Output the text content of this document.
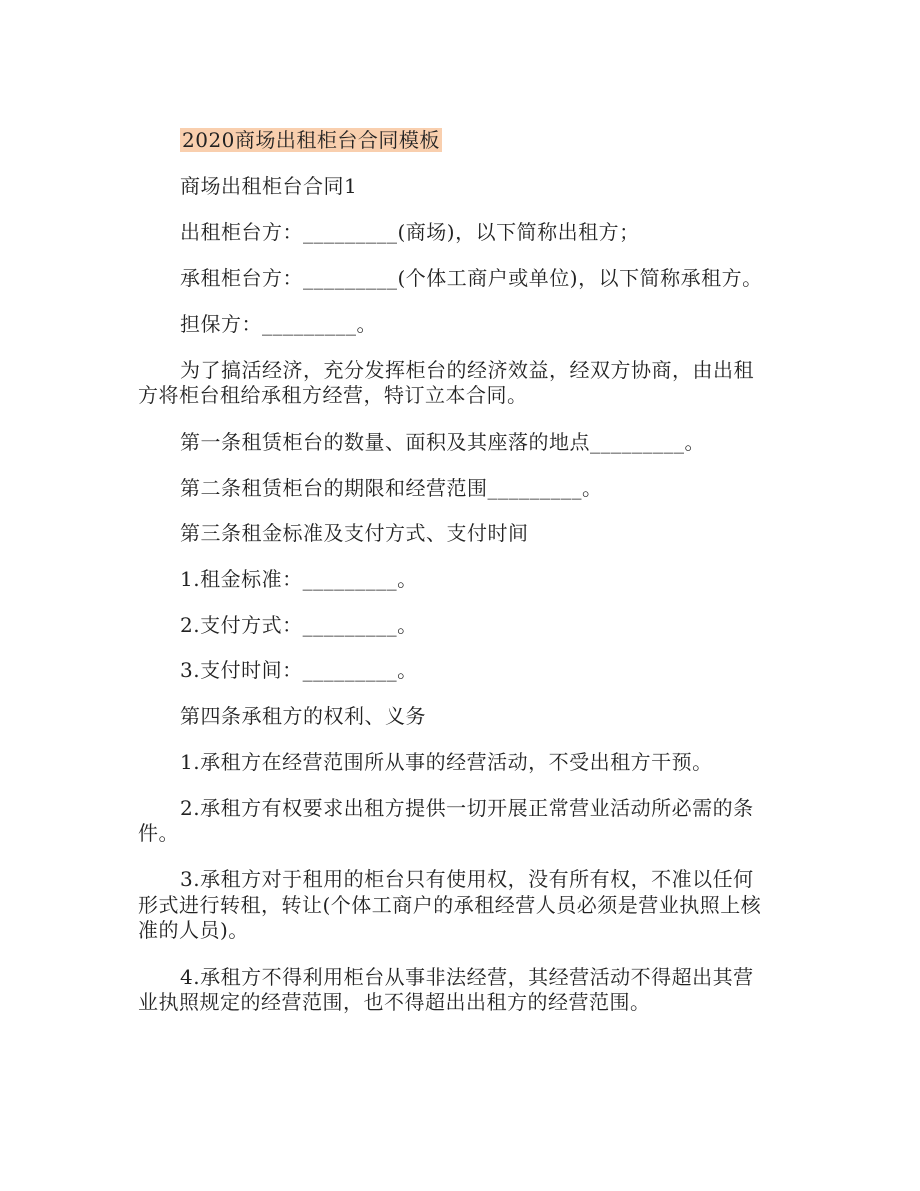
2020商场出租柜台合同模板
商场出租柜台合同1
出租柜台方：_________(商场)，以下简称出租方；
承租柜台方：_________(个体工商户或单位)，以下简称承租方。
担保方：_________。
为了搞活经济，充分发挥柜台的经济效益，经双方协商，由出租
方将柜台租给承租方经营，特订立本合同。
第一条租赁柜台的数量、面积及其座落的地点_________。
第二条租赁柜台的期限和经营范围_________。
第三条租金标准及支付方式、支付时间
1.租金标准：_________。
2.支付方式：_________。
3.支付时间：_________。
第四条承租方的权利、义务
1.承租方在经营范围所从事的经营活动，不受出租方干预。
2.承租方有权要求出租方提供一切开展正常营业活动所必需的条
件。
3.承租方对于租用的柜台只有使用权，没有所有权，不准以任何
形式进行转租，转让(个体工商户的承租经营人员必须是营业执照上核
准的人员)。
4.承租方不得利用柜台从事非法经营，其经营活动不得超出其营
业执照规定的经营范围，也不得超出出租方的经营范围。
